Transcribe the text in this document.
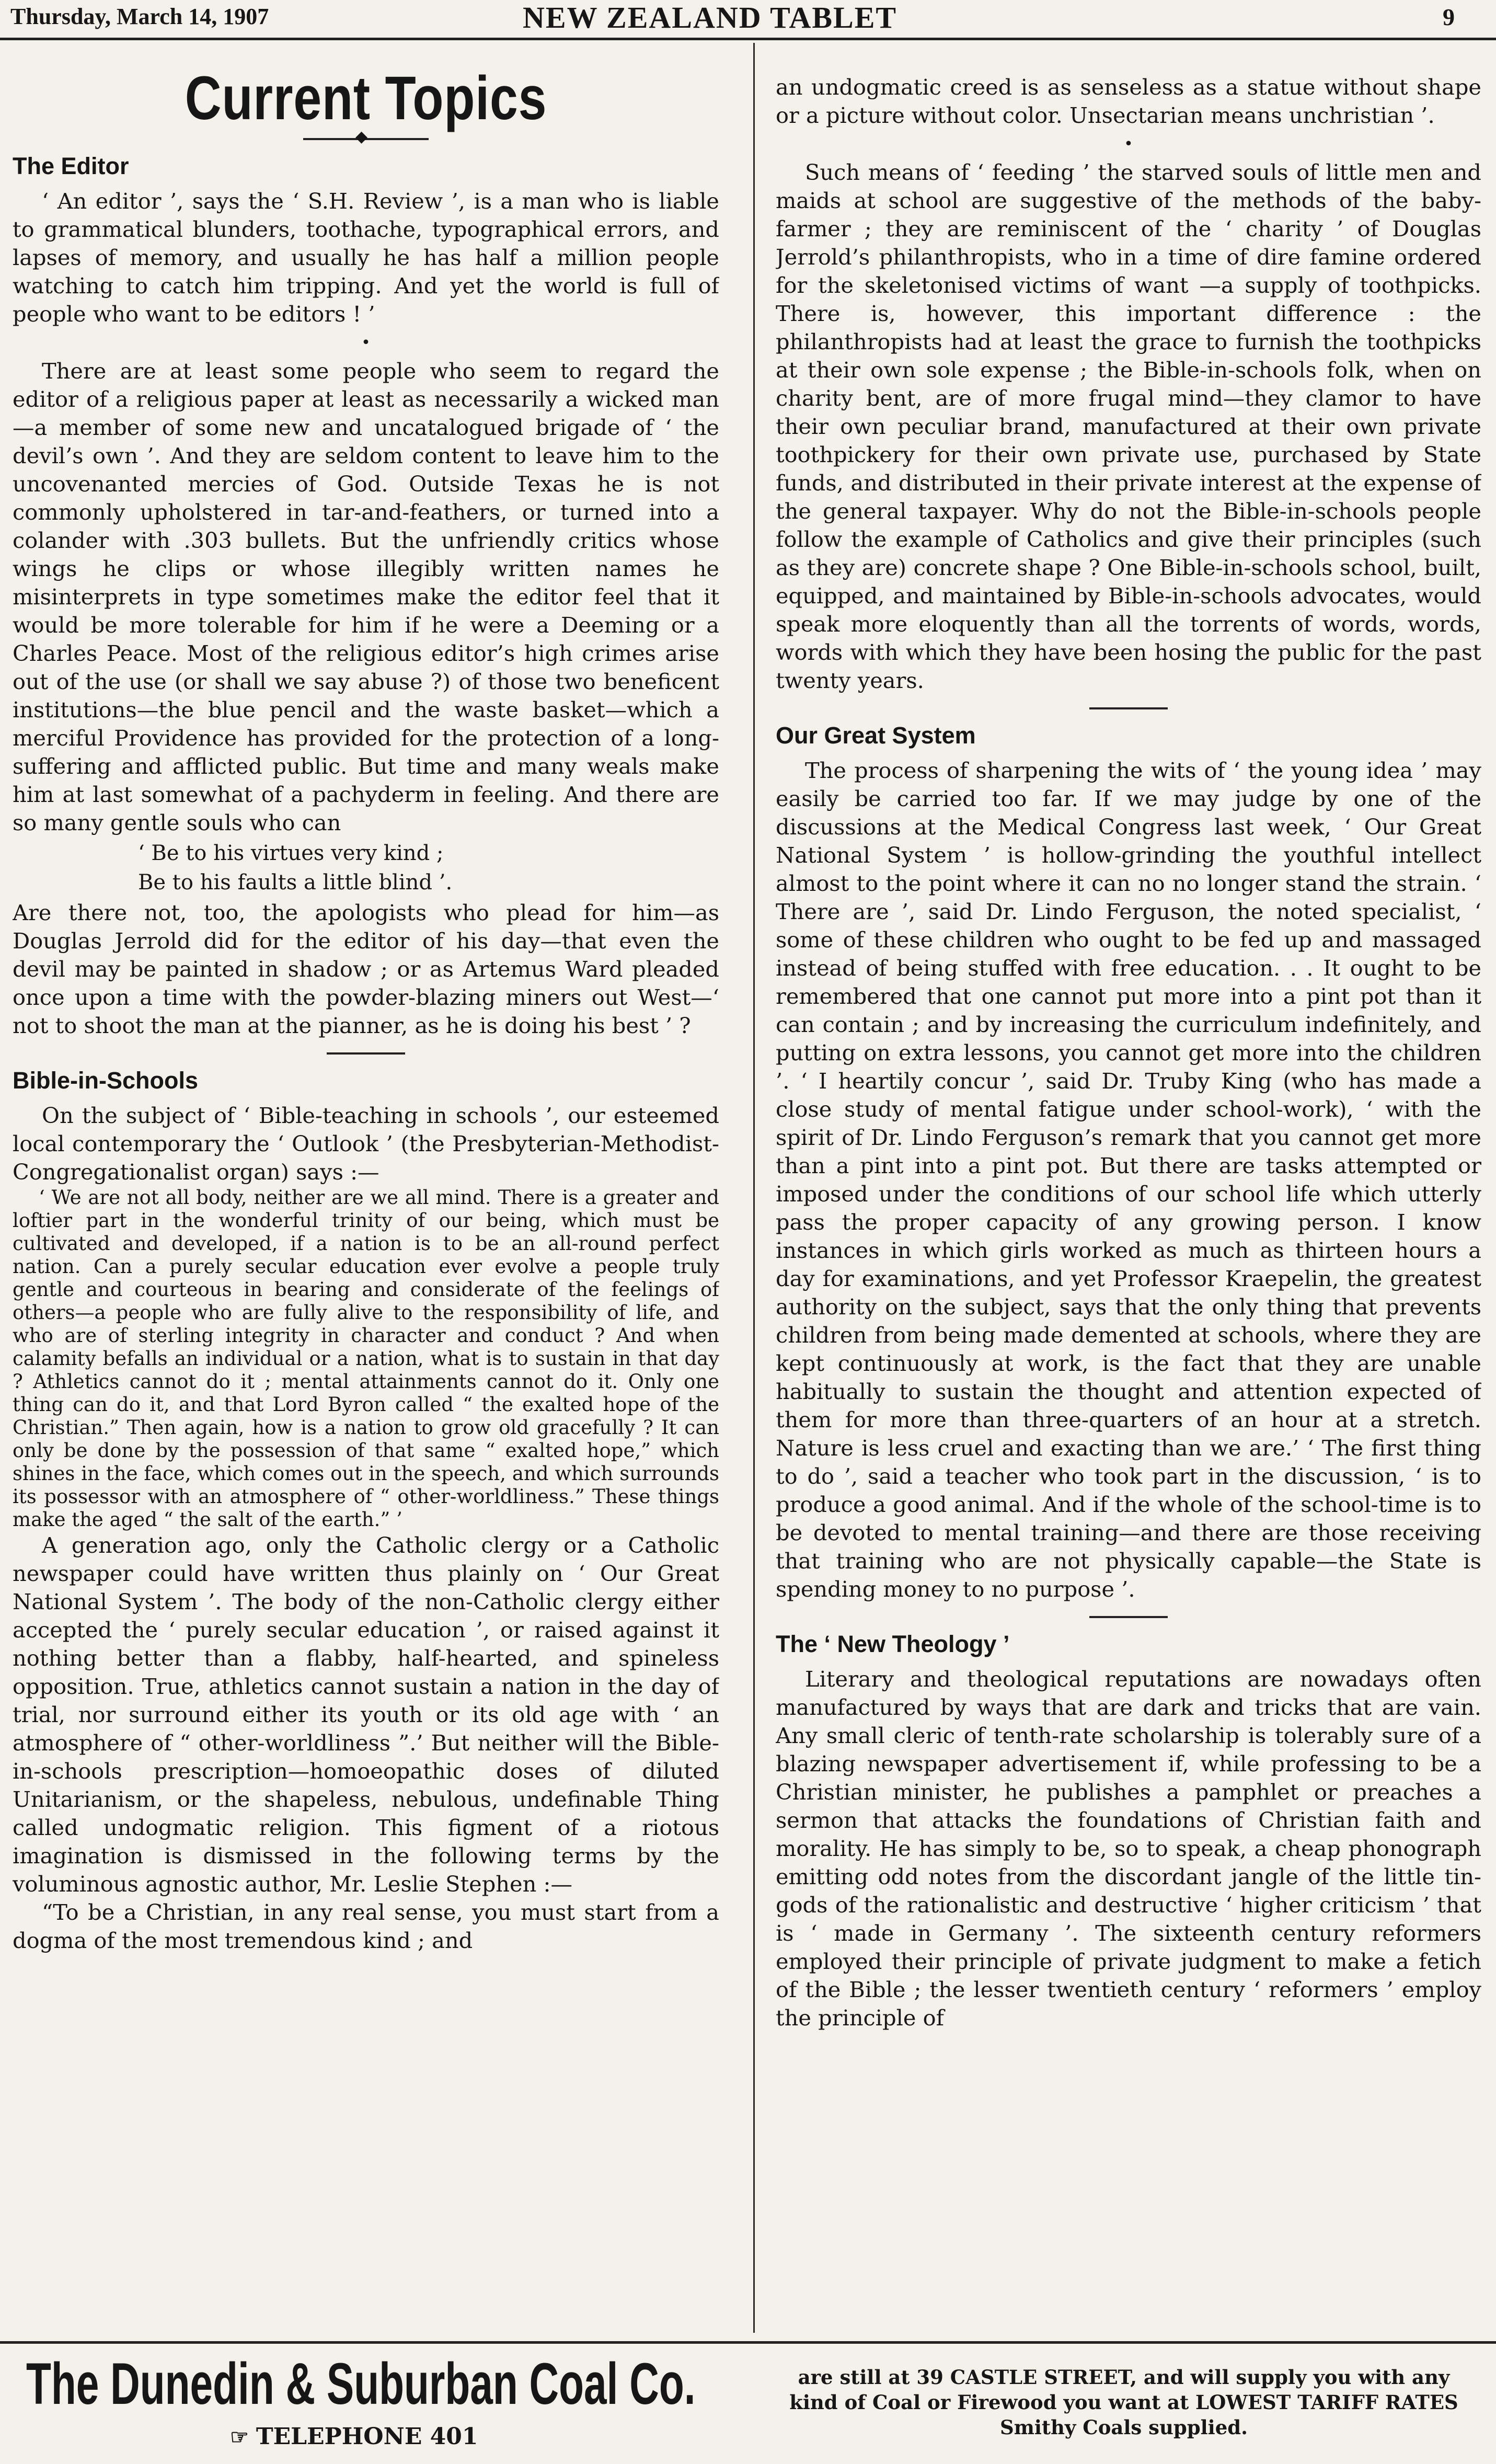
Thursday, March 14, 1907	NEW ZEALAND TABLET	9
Current Topics
◆
The Editor

‘ An editor ’, says the ‘ S.H. Review ’, is a man who is liable to grammatical blunders, toothache, typographical errors, and lapses of memory, and usually he has half a million people watching to catch him tripping. And yet the world is full of people who want to be editors ! ’

•

There are at least some people who seem to regard the editor of a religious paper at least as necessarily a wicked man—a member of some new and uncatalogued brigade of ‘ the devil’s own ’. And they are seldom content to leave him to the uncovenanted mercies of God. Outside Texas he is not commonly upholstered in tar-and-feathers, or turned into a colander with .303 bullets. But the unfriendly critics whose wings he clips or whose illegibly written names he misinterprets in type sometimes make the editor feel that it would be more tolerable for him if he were a Deeming or a Charles Peace. Most of the religious editor’s high crimes arise out of the use (or shall we say abuse ?) of those two beneficent institutions—the blue pencil and the waste basket—which a merciful Providence has provided for the protection of a long-suffering and afflicted public. But time and many weals make him at last somewhat of a pachyderm in feeling. And there are so many gentle souls who can

‘ Be to his virtues very kind ;
Be to his faults a little blind ’.

Are there not, too, the apologists who plead for him—as Douglas Jerrold did for the editor of his day—that even the devil may be painted in shadow ; or as Artemus Ward pleaded once upon a time with the powder-blazing miners out West—‘ not to shoot the man at the pianner, as he is doing his best ’ ?

Bible-in-Schools

On the subject of ‘ Bible-teaching in schools ’, our esteemed local contemporary the ‘ Outlook ’ (the Presbyterian-Methodist-Congregationalist organ) says :—

‘ We are not all body, neither are we all mind. There is a greater and loftier part in the wonderful trinity of our being, which must be cultivated and developed, if a nation is to be an all-round perfect nation. Can a purely secular education ever evolve a people truly gentle and courteous in bearing and considerate of the feelings of others—a people who are fully alive to the responsibility of life, and who are of sterling integrity in character and conduct ? And when calamity befalls an individual or a nation, what is to sustain in that day ? Athletics cannot do it ; mental attainments cannot do it. Only one thing can do it, and that Lord Byron called “ the exalted hope of the Christian.” Then again, how is a nation to grow old gracefully ? It can only be done by the possession of that same “ exalted hope,” which shines in the face, which comes out in the speech, and which surrounds its possessor with an atmosphere of “ other-worldliness.” These things make the aged “ the salt of the earth.” ’

A generation ago, only the Catholic clergy or a Catholic newspaper could have written thus plainly on ‘ Our Great National System ’. The body of the non-Catholic clergy either accepted the ‘ purely secular education ’, or raised against it nothing better than a flabby, half-hearted, and spineless opposition. True, athletics cannot sustain a nation in the day of trial, nor surround either its youth or its old age with ‘ an atmosphere of “ other-worldliness ”.’ But neither will the Bible-in-schools prescription—homoeopathic doses of diluted Unitarianism, or the shapeless, nebulous, undefinable Thing called undogmatic religion. This figment of a riotous imagination is dismissed in the following terms by the voluminous agnostic author, Mr. Leslie Stephen :—

“To be a Christian, in any real sense, you must start from a dogma of the most tremendous kind ; and

an undogmatic creed is as senseless as a statue without shape or a picture without color. Unsectarian means unchristian ’.

•

Such means of ‘ feeding ’ the starved souls of little men and maids at school are suggestive of the methods of the baby-farmer ; they are reminiscent of the ‘ charity ’ of Douglas Jerrold’s philanthropists, who in a time of dire famine ordered for the skeletonised victims of want —a supply of toothpicks. There is, however, this important difference : the philanthropists had at least the grace to furnish the toothpicks at their own sole expense ; the Bible-in-schools folk, when on charity bent, are of more frugal mind—they clamor to have their own peculiar brand, manufactured at their own private toothpickery for their own private use, purchased by State funds, and distributed in their private interest at the expense of the general taxpayer. Why do not the Bible-in-schools people follow the example of Catholics and give their principles (such as they are) concrete shape ? One Bible-in-schools school, built, equipped, and maintained by Bible-in-schools advocates, would speak more eloquently than all the torrents of words, words, words with which they have been hosing the public for the past twenty years.

Our Great System

The process of sharpening the wits of ‘ the young idea ’ may easily be carried too far. If we may judge by one of the discussions at the Medical Congress last week, ‘ Our Great National System ’ is hollow-grinding the youthful intellect almost to the point where it can no no longer stand the strain. ‘ There are ’, said Dr. Lindo Ferguson, the noted specialist, ‘ some of these children who ought to be fed up and massaged instead of being stuffed with free education. . . It ought to be remembered that one cannot put more into a pint pot than it can contain ; and by increasing the curriculum indefinitely, and putting on extra lessons, you cannot get more into the children ’. ‘ I heartily concur ’, said Dr. Truby King (who has made a close study of mental fatigue under school-work), ‘ with the spirit of Dr. Lindo Ferguson’s remark that you cannot get more than a pint into a pint pot. But there are tasks attempted or imposed under the conditions of our school life which utterly pass the proper capacity of any growing person. I know instances in which girls worked as much as thirteen hours a day for examinations, and yet Professor Kraepelin, the greatest authority on the subject, says that the only thing that prevents children from being made demented at schools, where they are kept continuously at work, is the fact that they are unable habitually to sustain the thought and attention expected of them for more than three-quarters of an hour at a stretch. Nature is less cruel and exacting than we are.’ ‘ The first thing to do ’, said a teacher who took part in the discussion, ‘ is to produce a good animal. And if the whole of the school-time is to be devoted to mental training—and there are those receiving that training who are not physically capable—the State is spending money to no purpose ’.

The ‘ New Theology ’

Literary and theological reputations are nowadays often manufactured by ways that are dark and tricks that are vain. Any small cleric of tenth-rate scholarship is tolerably sure of a blazing newspaper advertisement if, while professing to be a Christian minister, he publishes a pamphlet or preaches a sermon that attacks the foundations of Christian faith and morality. He has simply to be, so to speak, a cheap phonograph emitting odd notes from the discordant jangle of the little tin-gods of the rationalistic and destructive ‘ higher criticism ’ that is ‘ made in Germany ’. The sixteenth century reformers employed their principle of private judgment to make a fetich of the Bible ; the lesser twentieth century ‘ reformers ’ employ the principle of

The Dunedin & Suburban Coal Co.
☞ TELEPHONE 401
are still at 39 CASTLE STREET, and will supply you with any kind of Coal or Firewood you want at LOWEST TARIFF RATES Smithy Coals supplied.
